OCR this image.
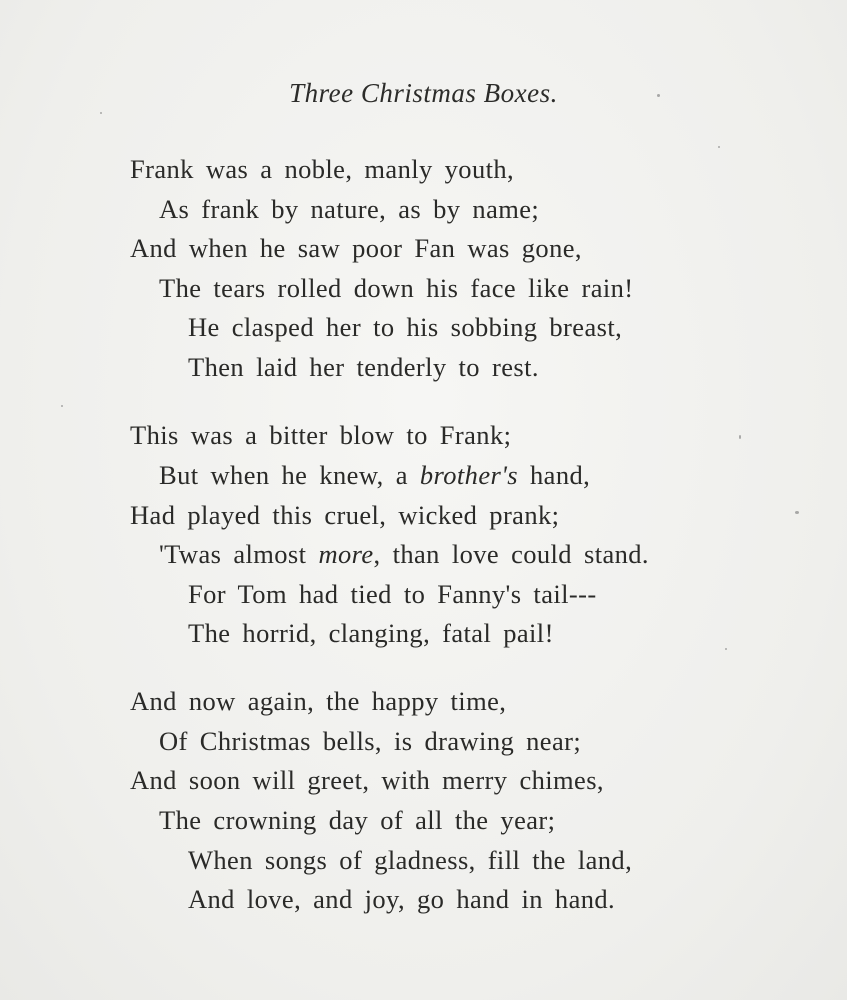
Three Christmas Boxes.
Frank was a noble, manly youth,
As frank by nature, as by name;
And when he saw poor Fan was gone,
The tears rolled down his face like rain!
He clasped her to his sobbing breast,
Then laid her tenderly to rest.
This was a bitter blow to Frank;
But when he knew, a brother's hand,
Had played this cruel, wicked prank;
'Twas almost more, than love could stand.
For Tom had tied to Fanny's tail---
The horrid, clanging, fatal pail!
And now again, the happy time,
Of Christmas bells, is drawing near;
And soon will greet, with merry chimes,
The crowning day of all the year;
When songs of gladness, fill the land,
And love, and joy, go hand in hand.
